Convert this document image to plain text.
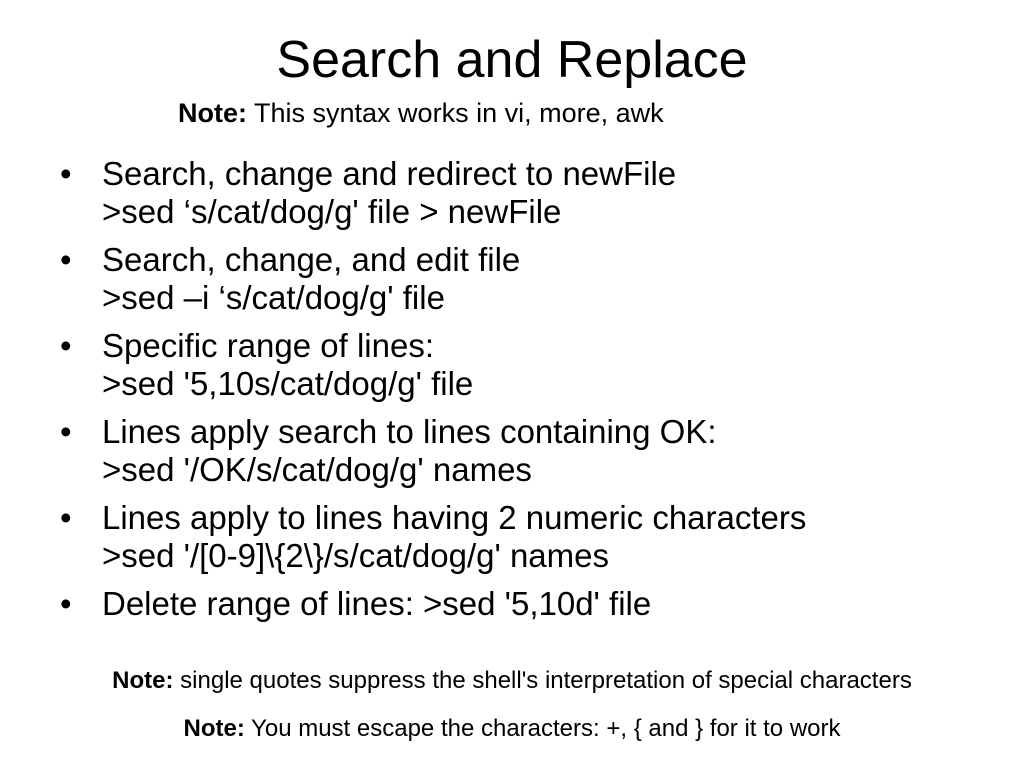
Search and Replace
Note: This syntax works in vi, more, awk
• Search, change and redirect to newFile
>sed ‘s/cat/dog/g' file > newFile
• Search, change, and edit file
>sed –i ‘s/cat/dog/g' file
• Specific range of lines:
>sed '5,10s/cat/dog/g' file
• Lines apply search to lines containing OK:
>sed '/OK/s/cat/dog/g' names
• Lines apply to lines having 2 numeric characters
>sed '/[0-9]\{2\}/s/cat/dog/g' names
• Delete range of lines: >sed '5,10d' file
Note: single quotes suppress the shell's interpretation of special characters
Note: You must escape the characters: +, { and } for it to work
